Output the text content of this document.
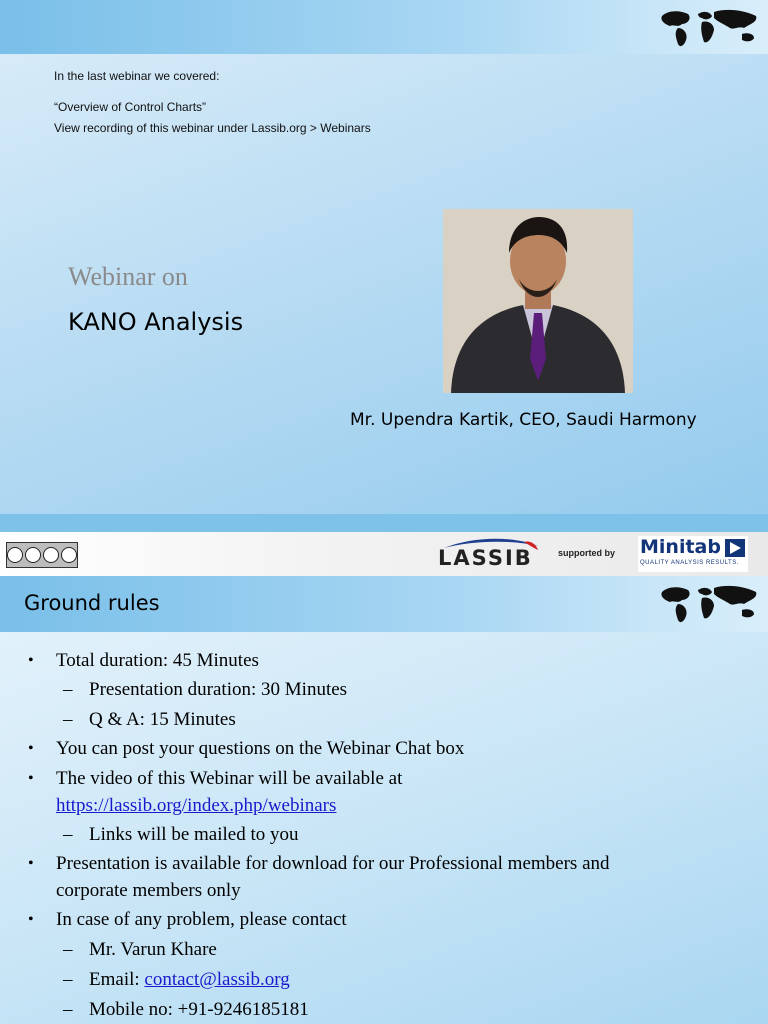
In the last webinar we covered:
“Overview of Control Charts”
View recording of this webinar under Lassib.org > Webinars
Webinar on
KANO Analysis
Mr. Upendra Kartik, CEO, Saudi Harmony
LASSIB	supported by Minitab
QUALITY ANALYSIS RESULTS.
Ground rules
• Total duration: 45 Minutes
– Presentation duration: 30 Minutes
– Q & A: 15 Minutes
• You can post your questions on the Webinar Chat box
• The video of this Webinar will be available at
https://lassib.org/index.php/webinars
– Links will be mailed to you
• Presentation is available for download for our Professional members and
corporate members only
• In case of any problem, please contact
– Mr. Varun Khare
– Email: contact@lassib.org
– Mobile no: +91-9246185181
